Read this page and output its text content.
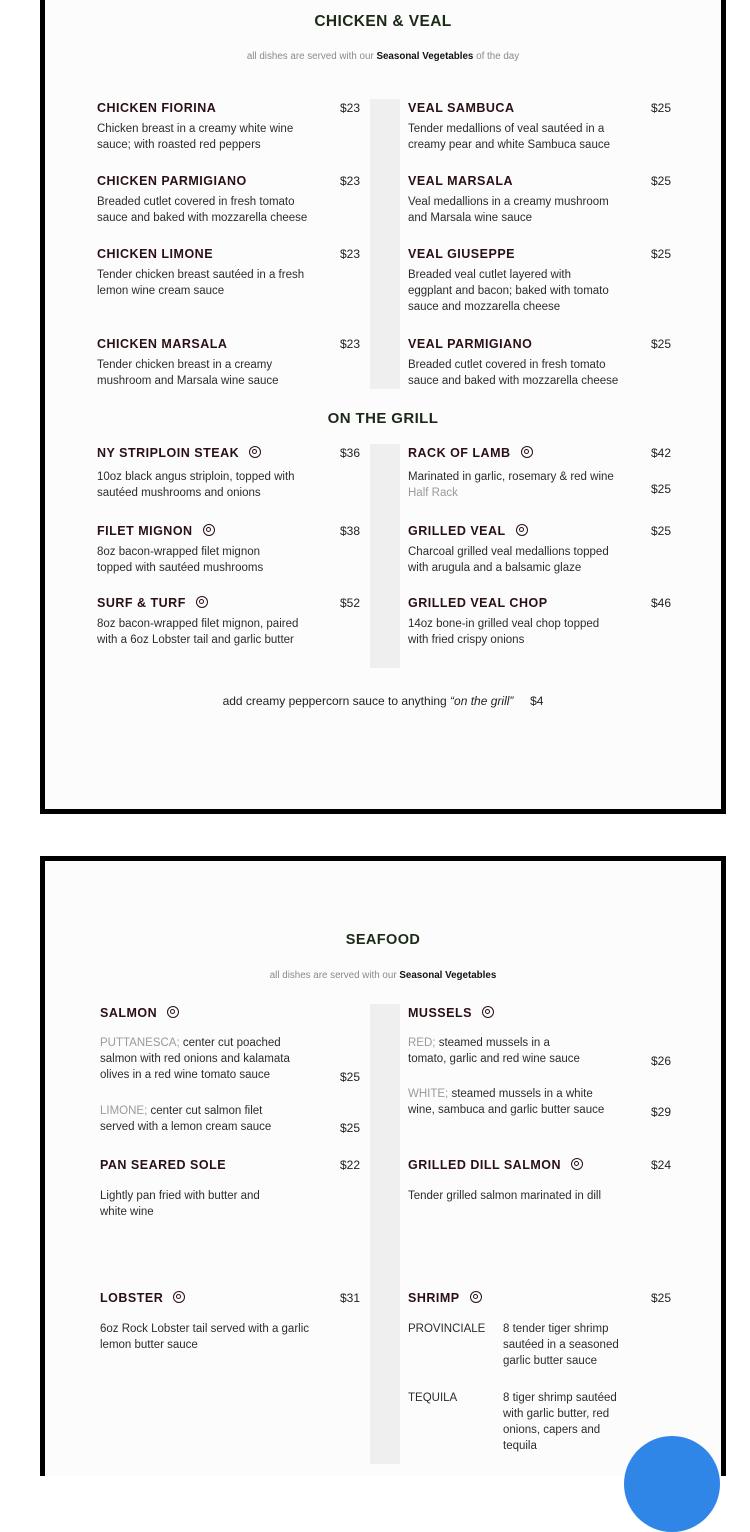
CHICKEN & VEAL
all dishes are served with our Seasonal Vegetables of the day
CHICKEN FIORINA	$23
Chicken breast in a creamy white wine
sauce; with roasted red peppers
CHICKEN PARMIGIANO	$23
Breaded cutlet covered in fresh tomato
sauce and baked with mozzarella cheese
CHICKEN LIMONE	$23
Tender chicken breast sautéed in a fresh
lemon wine cream sauce
CHICKEN MARSALA	$23
Tender chicken breast in a creamy
mushroom and Marsala wine sauce
VEAL SAMBUCA	$25
Tender medallions of veal sautéed in a
creamy pear and white Sambuca sauce
VEAL MARSALA	$25
Veal medallions in a creamy mushroom
and Marsala wine sauce
VEAL GIUSEPPE	$25
Breaded veal cutlet layered with
eggplant and bacon; baked with tomato
sauce and mozzarella cheese
VEAL PARMIGIANO	$25
Breaded cutlet covered in fresh tomato
sauce and baked with mozzarella cheese
ON THE GRILL
NY STRIPLOIN STEAK	$36
10oz black angus striploin, topped with
sautéed mushrooms and onions
FILET MIGNON	$38
8oz bacon-wrapped filet mignon
topped with sautéed mushrooms
SURF & TURF	$52
8oz bacon-wrapped filet mignon, paired
with a 6oz Lobster tail and garlic butter
RACK OF LAMB	$42
Marinated in garlic, rosemary & red wine
Half Rack	$25
GRILLED VEAL	$25
Charcoal grilled veal medallions topped
with arugula and a balsamic glaze
GRILLED VEAL CHOP	$46
14oz bone-in grilled veal chop topped
with fried crispy onions
add creamy peppercorn sauce to anything “on the grill” $4
SEAFOOD
all dishes are served with our Seasonal Vegetables
SALMON
PUTTANESCA; center cut poached
salmon with red onions and kalamata
olives in a red wine tomato sauce	$25
LIMONE; center cut salmon filet
served with a lemon cream sauce	$25
PAN SEARED SOLE	$22
Lightly pan fried with butter and
white wine
LOBSTER	$31
6oz Rock Lobster tail served with a garlic
lemon butter sauce
MUSSELS
RED; steamed mussels in a
tomato, garlic and red wine sauce	$26
WHITE; steamed mussels in a white
wine, sambuca and garlic butter sauce	$29
GRILLED DILL SALMON	$24
Tender grilled salmon marinated in dill
SHRIMP	$25
PROVINCIALE 8 tender tiger shrimp
sautéed in a seasoned
garlic butter sauce
TEQUILA	8 tiger shrimp sautéed
with garlic butter, red
onions, capers and
tequila
